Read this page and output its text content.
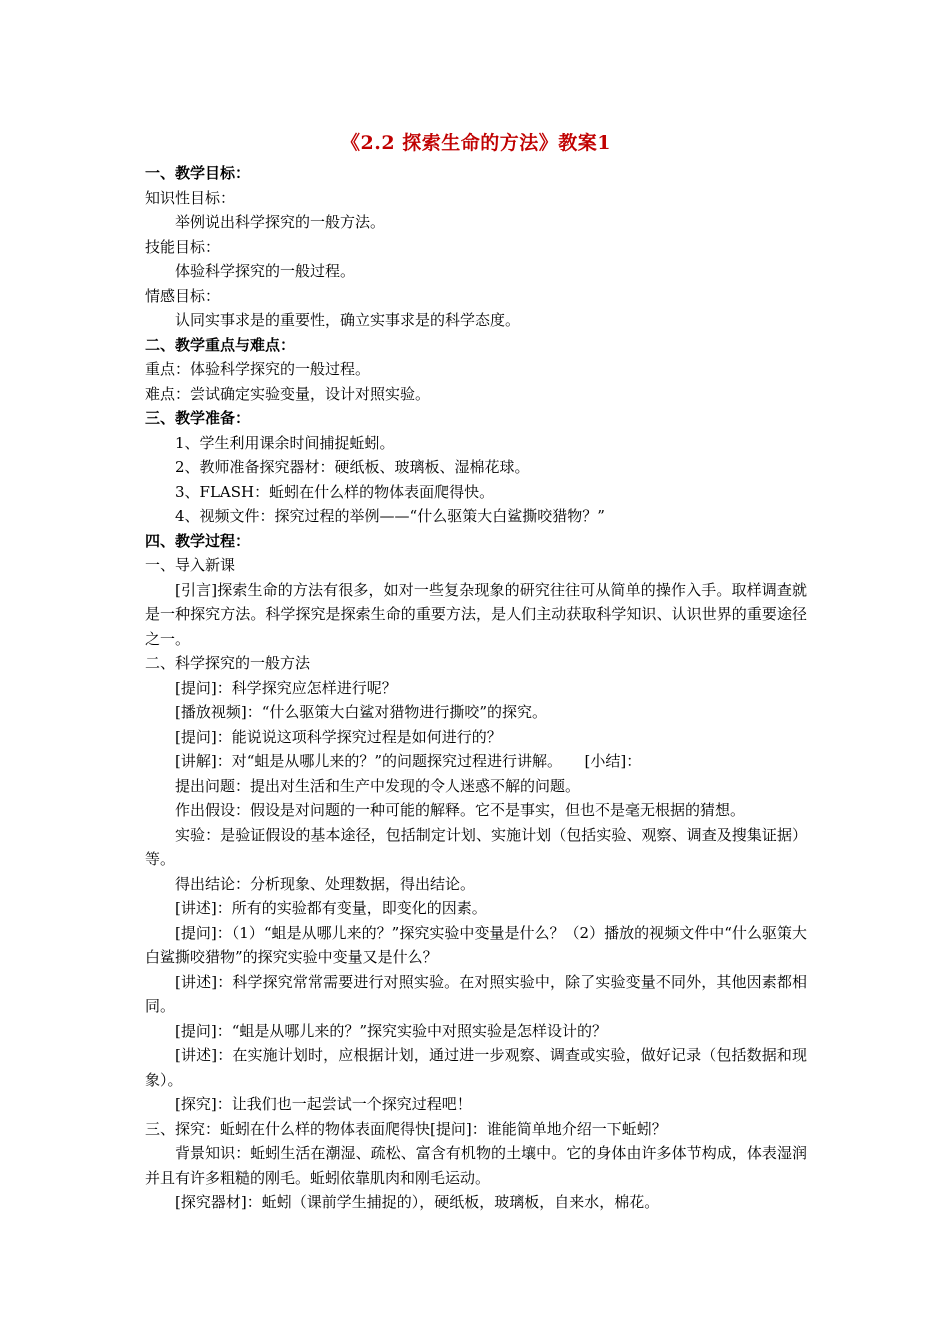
《2.2 探索生命的方法》教案1
一、教学目标：
知识性目标：
举例说出科学探究的一般方法。
技能目标：
体验科学探究的一般过程。
情感目标：
认同实事求是的重要性，确立实事求是的科学态度。
二、教学重点与难点：
重点：体验科学探究的一般过程。
难点：尝试确定实验变量，设计对照实验。
三、教学准备：
1、学生利用课余时间捕捉蚯蚓。
2、教师准备探究器材：硬纸板、玻璃板、湿棉花球。
3、FLASH：蚯蚓在什么样的物体表面爬得快。
4、视频文件：探究过程的举例——“什么驱策大白鲨撕咬猎物？”
四、教学过程：
一、导入新课
[引言]探索生命的方法有很多，如对一些复杂现象的研究往往可从简单的操作入手。取样调查就是一种探究方法。科学探究是探索生命的重要方法，是人们主动获取科学知识、认识世界的重要途径之一。
二、科学探究的一般方法
[提问]：科学探究应怎样进行呢？
[播放视频]：“什么驱策大白鲨对猎物进行撕咬”的探究。
[提问]：能说说这项科学探究过程是如何进行的？
[讲解]：对“蛆是从哪儿来的？”的问题探究过程进行讲解。　　[小结]：
提出问题：提出对生活和生产中发现的令人迷惑不解的问题。
作出假设：假设是对问题的一种可能的解释。它不是事实，但也不是毫无根据的猜想。
实验：是验证假设的基本途径，包括制定计划、实施计划（包括实验、观察、调查及搜集证据）等。
得出结论：分析现象、处理数据，得出结论。
[讲述]：所有的实验都有变量，即变化的因素。
[提问]：（1）“蛆是从哪儿来的？”探究实验中变量是什么？（2）播放的视频文件中“什么驱策大白鲨撕咬猎物”的探究实验中变量又是什么？
[讲述]：科学探究常常需要进行对照实验。在对照实验中，除了实验变量不同外，其他因素都相同。
[提问]：“蛆是从哪儿来的？”探究实验中对照实验是怎样设计的？
[讲述]：在实施计划时，应根据计划，通过进一步观察、调查或实验，做好记录（包括数据和现象）。
[探究]：让我们也一起尝试一个探究过程吧！
三、探究：蚯蚓在什么样的物体表面爬得快[提问]：谁能简单地介绍一下蚯蚓？
背景知识：蚯蚓生活在潮湿、疏松、富含有机物的土壤中。它的身体由许多体节构成，体表湿润并且有许多粗糙的刚毛。蚯蚓依靠肌肉和刚毛运动。
[探究器材]：蚯蚓（课前学生捕捉的），硬纸板，玻璃板，自来水，棉花。
